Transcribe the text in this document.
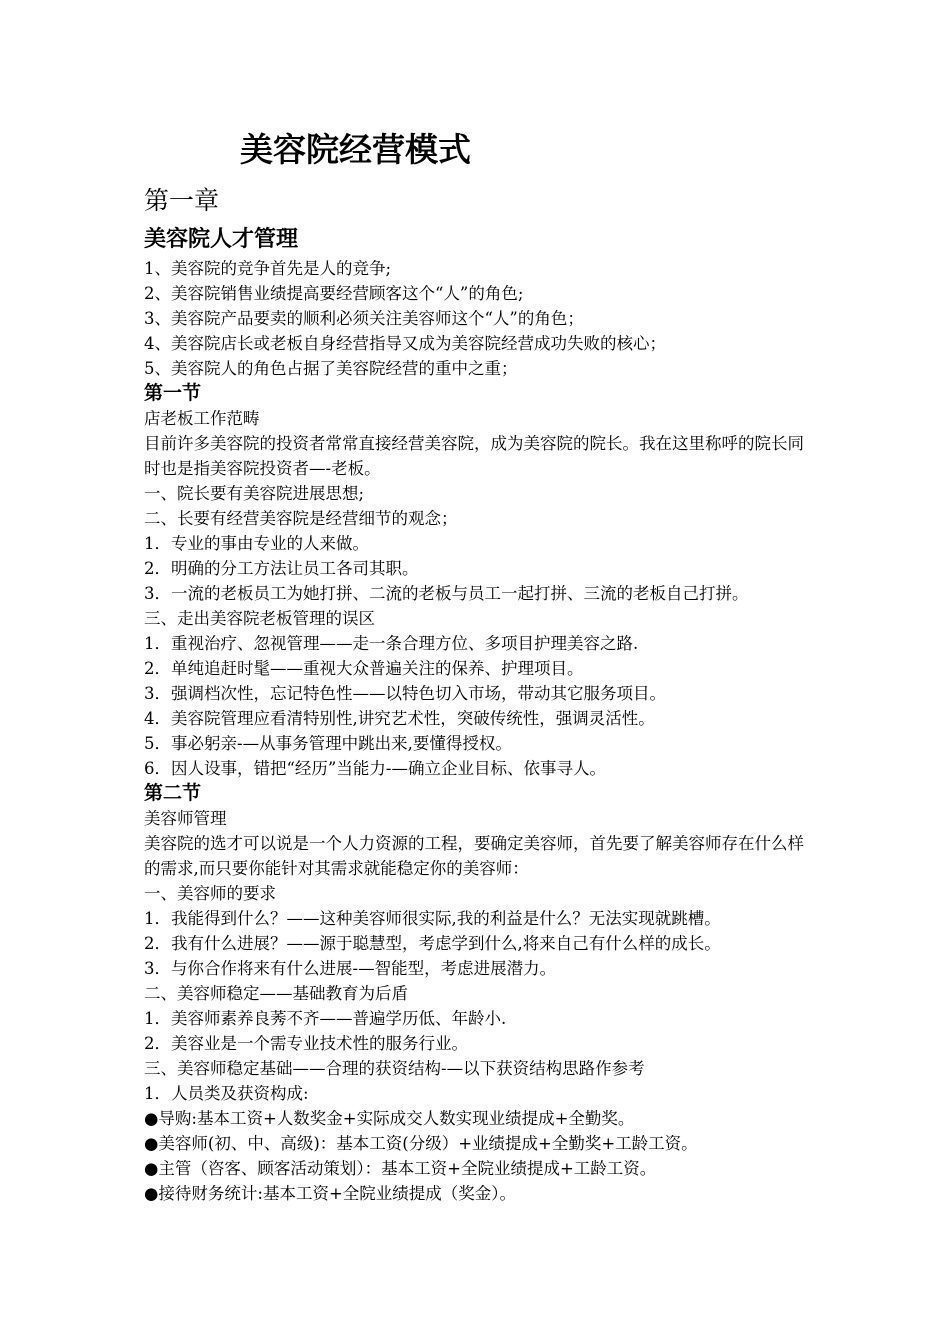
美容院经营模式
第一章
美容院人才管理
1、美容院的竞争首先是人的竞争;
2、美容院销售业绩提高要经营顾客这个“人”的角色;
3、美容院产品要卖的顺利必须关注美容师这个“人”的角色；
4、美容院店长或老板自身经营指导又成为美容院经营成功失败的核心；
5、美容院人的角色占据了美容院经营的重中之重；
第一节
店老板工作范畴
目前许多美容院的投资者常常直接经营美容院，成为美容院的院长。我在这里称呼的院长同时也是指美容院投资者—-老板。
一、院长要有美容院进展思想;
二、长要有经营美容院是经营细节的观念；
1．专业的事由专业的人来做。
2．明确的分工方法让员工各司其职。
3．一流的老板员工为她打拼、二流的老板与员工一起打拼、三流的老板自己打拼。
三、走出美容院老板管理的误区
1．重视治疗、忽视管理——走一条合理方位、多项目护理美容之路.
2．单纯追赶时髦——重视大众普遍关注的保养、护理项目。
3．强调档次性，忘记特色性——以特色切入市场，带动其它服务项目。
4．美容院管理应看清特别性,讲究艺术性，突破传统性，强调灵活性。
5．事必躬亲-—从事务管理中跳出来,要懂得授权。
6．因人设事，错把“经历”当能力-—确立企业目标、依事寻人。
第二节
美容师管理
美容院的选才可以说是一个人力资源的工程，要确定美容师，首先要了解美容师存在什么样的需求,而只要你能针对其需求就能稳定你的美容师：
一、美容师的要求
1．我能得到什么？——这种美容师很实际,我的利益是什么？无法实现就跳槽。
2．我有什么进展？——源于聪慧型，考虑学到什么,将来自己有什么样的成长。
3．与你合作将来有什么进展-—智能型，考虑进展潜力。
二、美容师稳定——基础教育为后盾
1．美容师素养良莠不齐——普遍学历低、年龄小.
2．美容业是一个需专业技术性的服务行业。
三、美容师稳定基础——合理的获资结构-—以下获资结构思路作参考
1．人员类及获资构成:
●导购:基本工资+人数奖金+实际成交人数实现业绩提成+全勤奖。
●美容师(初、中、高级)：基本工资(分级）+业绩提成+全勤奖+工龄工资。
●主管（咨客、顾客活动策划）：基本工资+全院业绩提成+工龄工资。
●接待财务统计:基本工资+全院业绩提成（奖金）。
